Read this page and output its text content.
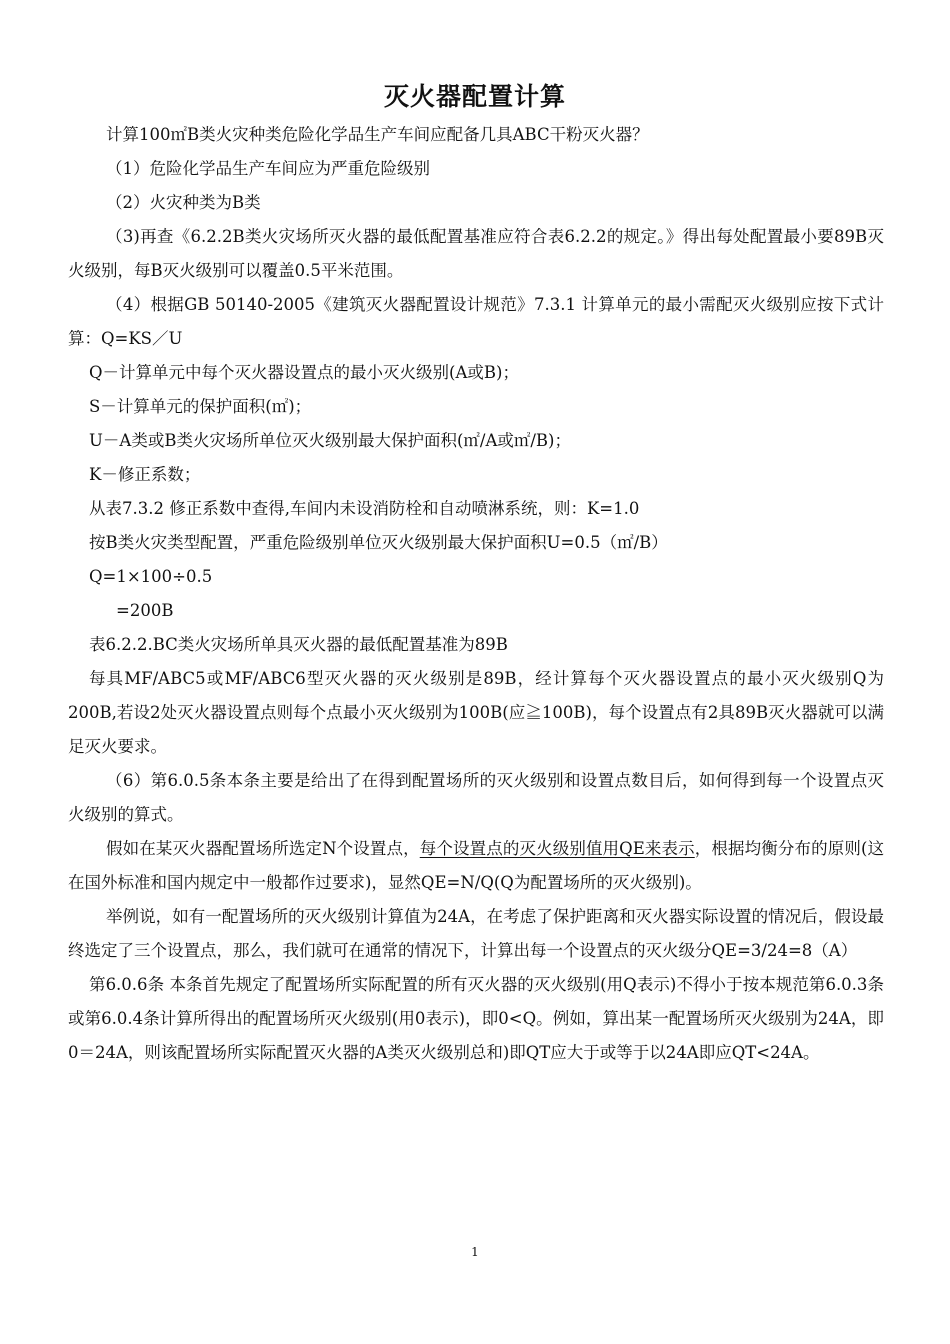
灭火器配置计算

计算100㎡B类火灾种类危险化学品生产车间应配备几具ABC干粉灭火器？

（1）危险化学品生产车间应为严重危险级别

（2）火灾种类为B类

（3)再查《6.2.2B类火灾场所灭火器的最低配置基准应符合表6.2.2的规定。》得出每处配置最小要89B灭火级别，每B灭火级别可以覆盖0.5平米范围。

（4）根据GB 50140-2005《建筑灭火器配置设计规范》7.3.1 计算单元的最小需配灭火级别应按下式计算：Q=KS／U

Q－计算单元中每个灭火器设置点的最小灭火级别(A或B)；

S－计算单元的保护面积(㎡)；

U－A类或B类火灾场所单位灭火级别最大保护面积(㎡/A或㎡/B)；

K－修正系数；

从表7.3.2 修正系数中查得,车间内未设消防栓和自动喷淋系统，则：K=1.0

按B类火灾类型配置，严重危险级别单位灭火级别最大保护面积U=0.5（㎡/B）

Q=1×100÷0.5

=200B

表6.2.2.BC类火灾场所单具灭火器的最低配置基准为89B

每具MF/ABC5或MF/ABC6型灭火器的灭火级别是89B，经计算每个灭火器设置点的最小灭火级别Q为200B,若设2处灭火器设置点则每个点最小灭火级别为100B(应≧100B)，每个设置点有2具89B灭火器就可以满足灭火要求。

（6）第6.0.5条本条主要是给出了在得到配置场所的灭火级别和设置点数目后，如何得到每一个设置点灭火级别的算式。

假如在某灭火器配置场所选定N个设置点，每个设置点的灭火级别值用QE来表示，根据均衡分布的原则(这在国外标准和国内规定中一般都作过要求)，显然QE=N/Q(Q为配置场所的灭火级别)。

举例说，如有一配置场所的灭火级别计算值为24A，在考虑了保护距离和灭火器实际设置的情况后，假设最终选定了三个设置点，那么，我们就可在通常的情况下，计算出每一个设置点的灭火级分QE=3/24=8（A）

第6.0.6条 本条首先规定了配置场所实际配置的所有灭火器的灭火级别(用Q表示)不得小于按本规范第6.0.3条或第6.0.4条计算所得出的配置场所灭火级别(用0表示)，即0<Q。例如，算出某一配置场所灭火级别为24A，即0＝24A，则该配置场所实际配置灭火器的A类灭火级别总和)即QT应大于或等于以24A即应QT<24A。

1
